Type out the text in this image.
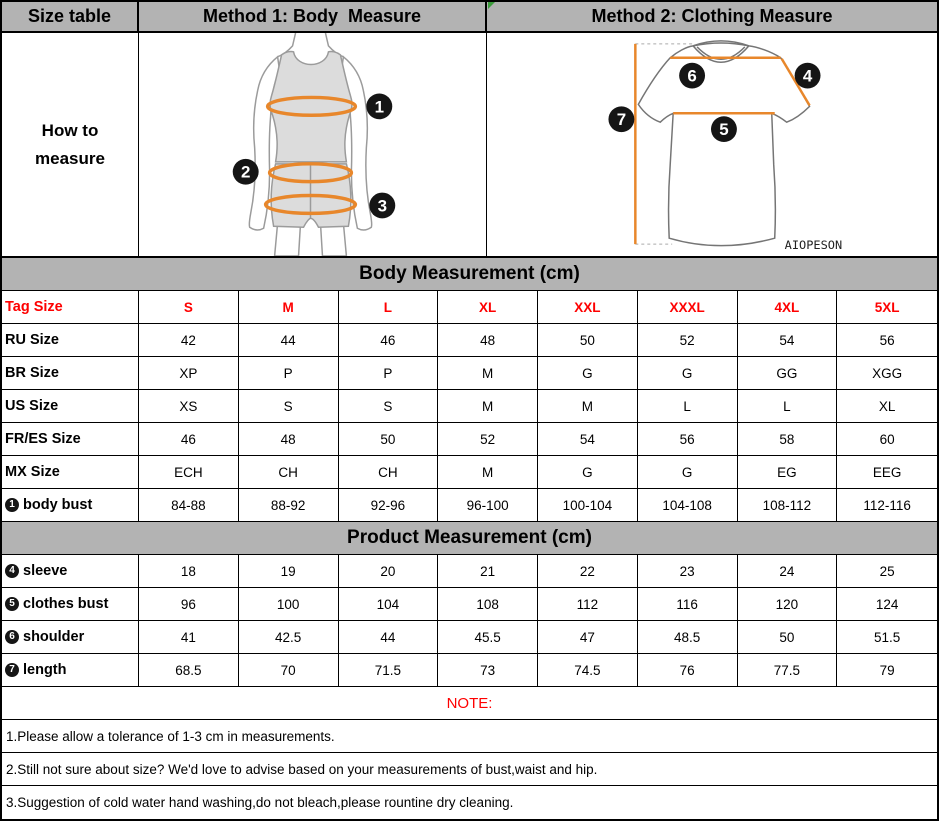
Size table	Method 1: Body  Measure	Method 2: Clothing Measure
How to measure
1
2
3
6	4
5
7
AIOPESON
Body Measurement (cm)
Tag Size	S	M	L	XL	XXL	XXXL	4XL	5XL
RU Size	42	44	46	48	50	52	54	56
BR Size	XP	P	P	M	G	G	GG	XGG
US Size	XS	S	S	M	M	L	L	XL
FR/ES Size	46	48	50	52	54	56	58	60
MX Size	ECH	CH	CH	M	G	G	EG	EEG
1 body bust	84-88	88-92	92-96	96-100	100-104	104-108	108-112	112-116
Product Measurement (cm)
4 sleeve	18	19	20	21	22	23	24	25
5 clothes bust	96	100	104	108	112	116	120	124
6 shoulder	41	42.5	44	45.5	47	48.5	50	51.5
7 length	68.5	70	71.5	73	74.5	76	77.5	79
NOTE:
1.Please allow a tolerance of 1-3 cm in measurements.
2.Still not sure about size? We'd love to advise based on your measurements of bust,waist and hip.
3.Suggestion of cold water hand washing,do not bleach,please rountine dry cleaning.
